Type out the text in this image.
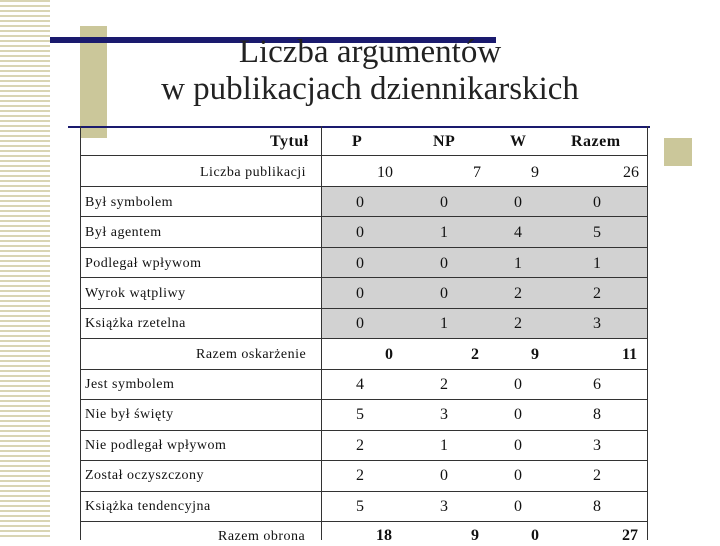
Liczba argumentów
w publikacjach dziennikarskich
Tytuł	P	NP	W	Razem
Liczba publikacji	10	7	9	26
Był symbolem	0	0	0	0
Był agentem	0	1	4	5
Podlegał wpływom	0	0	1	1
Wyrok wątpliwy	0	0	2	2
Książka rzetelna	0	1	2	3
Razem oskarżenie	0	2	9	11
Jest symbolem	4	2	0	6
Nie był święty	5	3	0	8
Nie podlegał wpływom	2	1	0	3
Został oczyszczony	2	0	0	2
Książka tendencyjna	5	3	0	8
Razem obrona	18	9	0	27
